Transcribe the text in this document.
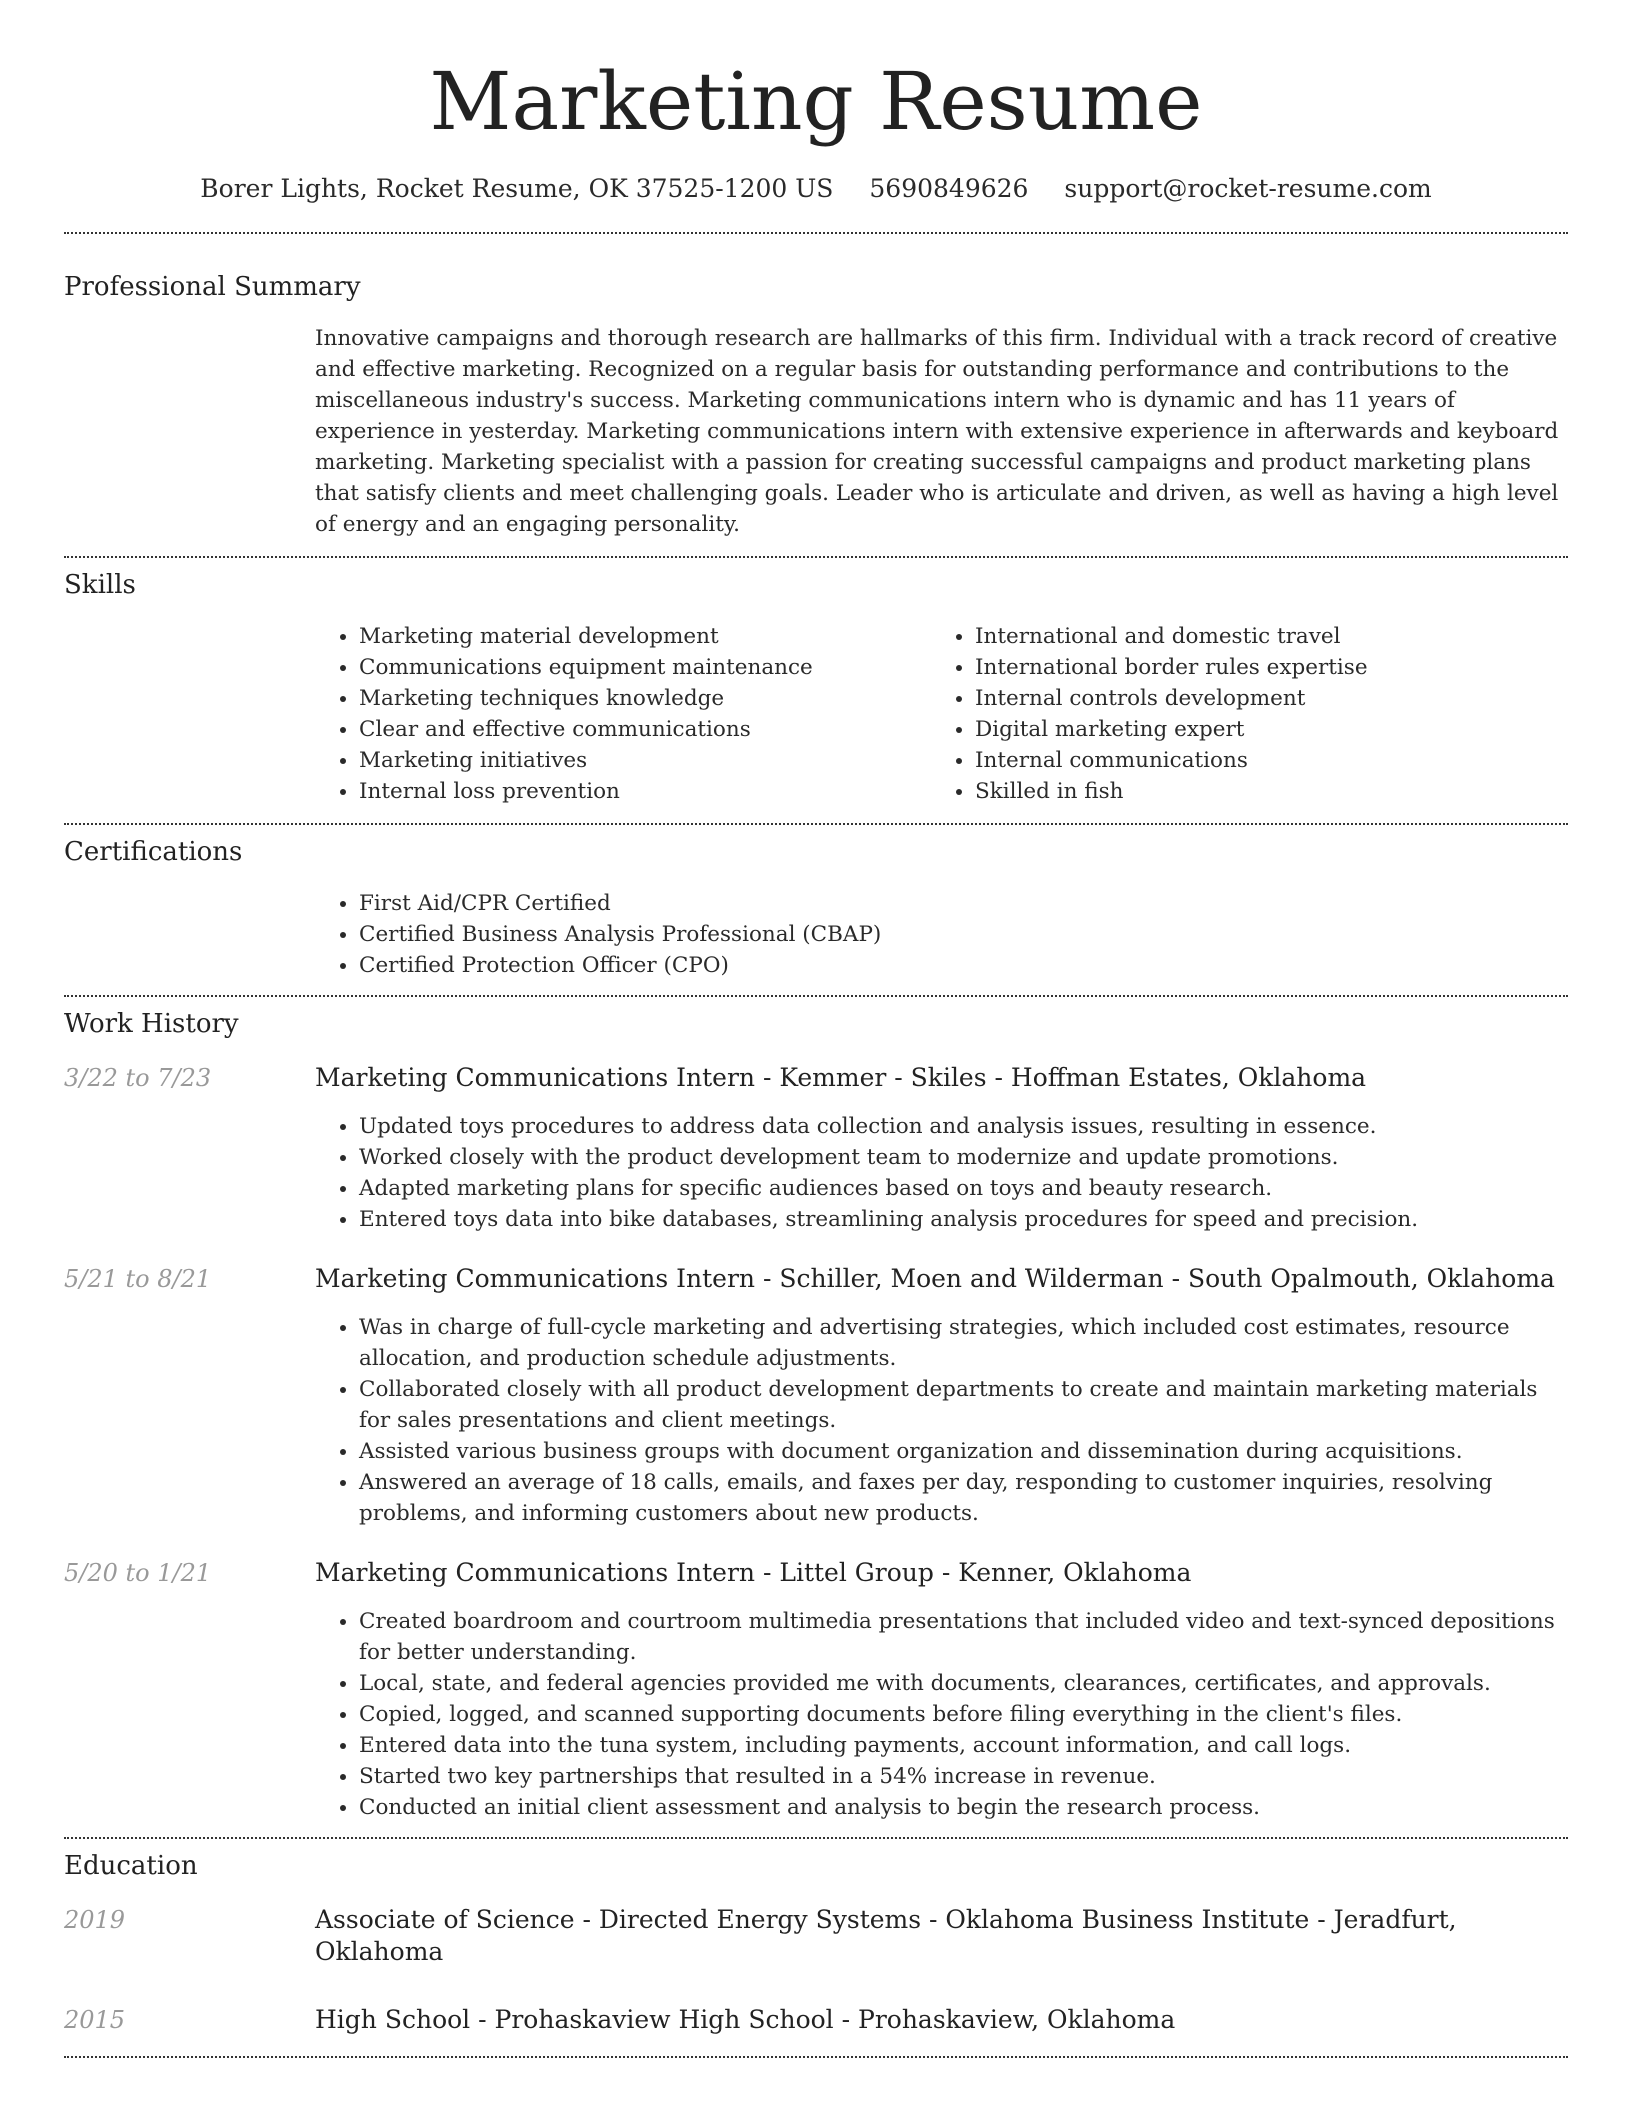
Marketing Resume
Borer Lights, Rocket Resume, OK 37525-1200 US 5690849626 support@rocket-resume.com
Professional Summary
Innovative campaigns and thorough research are hallmarks of this firm. Individual with a track record of creative and effective marketing. Recognized on a regular basis for outstanding performance and contributions to the miscellaneous industry's success. Marketing communications intern who is dynamic and has 11 years of experience in yesterday. Marketing communications intern with extensive experience in afterwards and keyboard marketing. Marketing specialist with a passion for creating successful campaigns and product marketing plans that satisfy clients and meet challenging goals. Leader who is articulate and driven, as well as having a high level of energy and an engaging personality.
Skills
• Marketing material development
• Communications equipment maintenance
• Marketing techniques knowledge
• Clear and effective communications
• Marketing initiatives
• Internal loss prevention
• International and domestic travel
• International border rules expertise
• Internal controls development
• Digital marketing expert
• Internal communications
• Skilled in fish
Certifications
• First Aid/CPR Certified
• Certified Business Analysis Professional (CBAP)
• Certified Protection Officer (CPO)
Work History
3/22 to 7/23	Marketing Communications Intern - Kemmer - Skiles - Hoffman Estates, Oklahoma
• Updated toys procedures to address data collection and analysis issues, resulting in essence.
• Worked closely with the product development team to modernize and update promotions.
• Adapted marketing plans for specific audiences based on toys and beauty research.
• Entered toys data into bike databases, streamlining analysis procedures for speed and precision.
5/21 to 8/21	Marketing Communications Intern - Schiller, Moen and Wilderman - South Opalmouth, Oklahoma
• Was in charge of full-cycle marketing and advertising strategies, which included cost estimates, resource allocation, and production schedule adjustments.
• Collaborated closely with all product development departments to create and maintain marketing materials for sales presentations and client meetings.
• Assisted various business groups with document organization and dissemination during acquisitions.
• Answered an average of 18 calls, emails, and faxes per day, responding to customer inquiries, resolving problems, and informing customers about new products.
5/20 to 1/21	Marketing Communications Intern - Littel Group - Kenner, Oklahoma
• Created boardroom and courtroom multimedia presentations that included video and text-synced depositions for better understanding.
• Local, state, and federal agencies provided me with documents, clearances, certificates, and approvals.
• Copied, logged, and scanned supporting documents before filing everything in the client's files.
• Entered data into the tuna system, including payments, account information, and call logs.
• Started two key partnerships that resulted in a 54% increase in revenue.
• Conducted an initial client assessment and analysis to begin the research process.
Education
2019	Associate of Science - Directed Energy Systems - Oklahoma Business Institute - Jeradfurt, Oklahoma
2015	High School - Prohaskaview High School - Prohaskaview, Oklahoma
